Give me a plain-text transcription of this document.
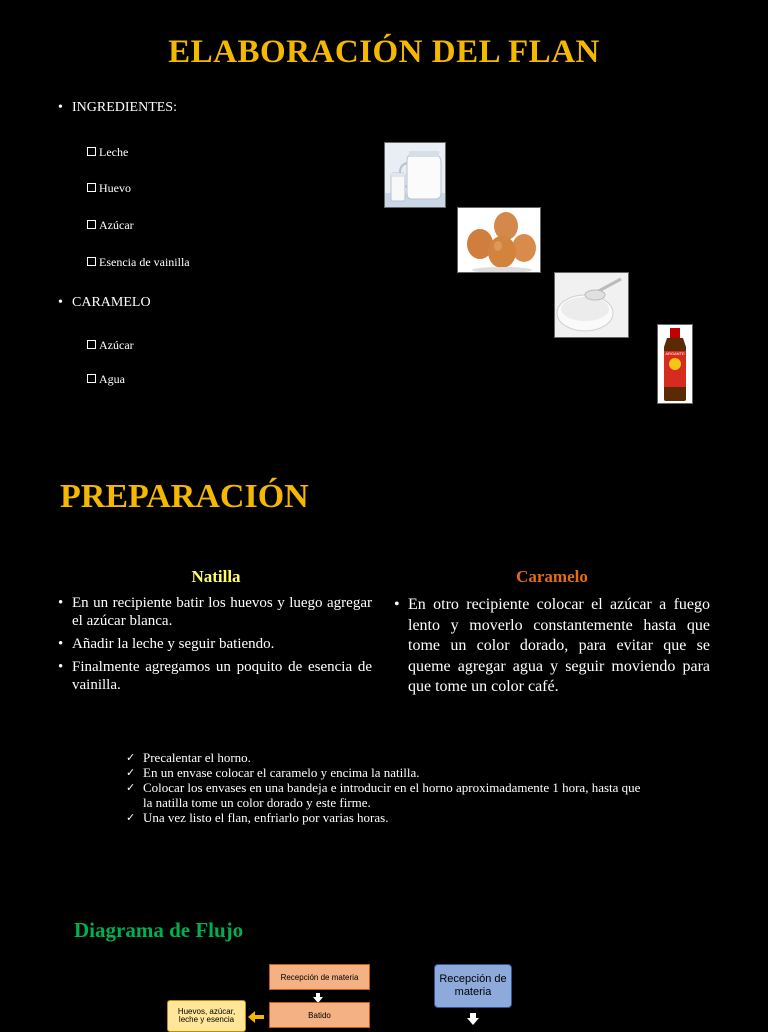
ELABORACIÓN DEL FLAN
• INGREDIENTES:
Leche
Huevo
Azúcar
Esencia de vainilla
• CARAMELO
Azúcar
Agua
ARGANTE
PREPARACIÓN
Natilla
• En un recipiente batir los huevos y luego agregar el azúcar blanca.
• Añadir la leche y seguir batiendo.
• Finalmente agregamos un poquito de esencia de vainilla.
Caramelo
• En otro recipiente colocar el azúcar a fuego lento y moverlo constantemente hasta que tome un color dorado, para evitar que se queme agregar agua y seguir moviendo para que tome un color café.
✓ Precalentar el horno.
✓ En un envase colocar el caramelo y encima la natilla.
✓ Colocar los envases en una bandeja e introducir en el horno aproximadamente 1 hora, hasta que la natilla tome un color dorado y este firme.
✓ Una vez listo el flan, enfriarlo por varias horas.
Diagrama de Flujo
Recepción de materia
Batido
Huevos, azúcar, leche y esencia
Recepción de materia
